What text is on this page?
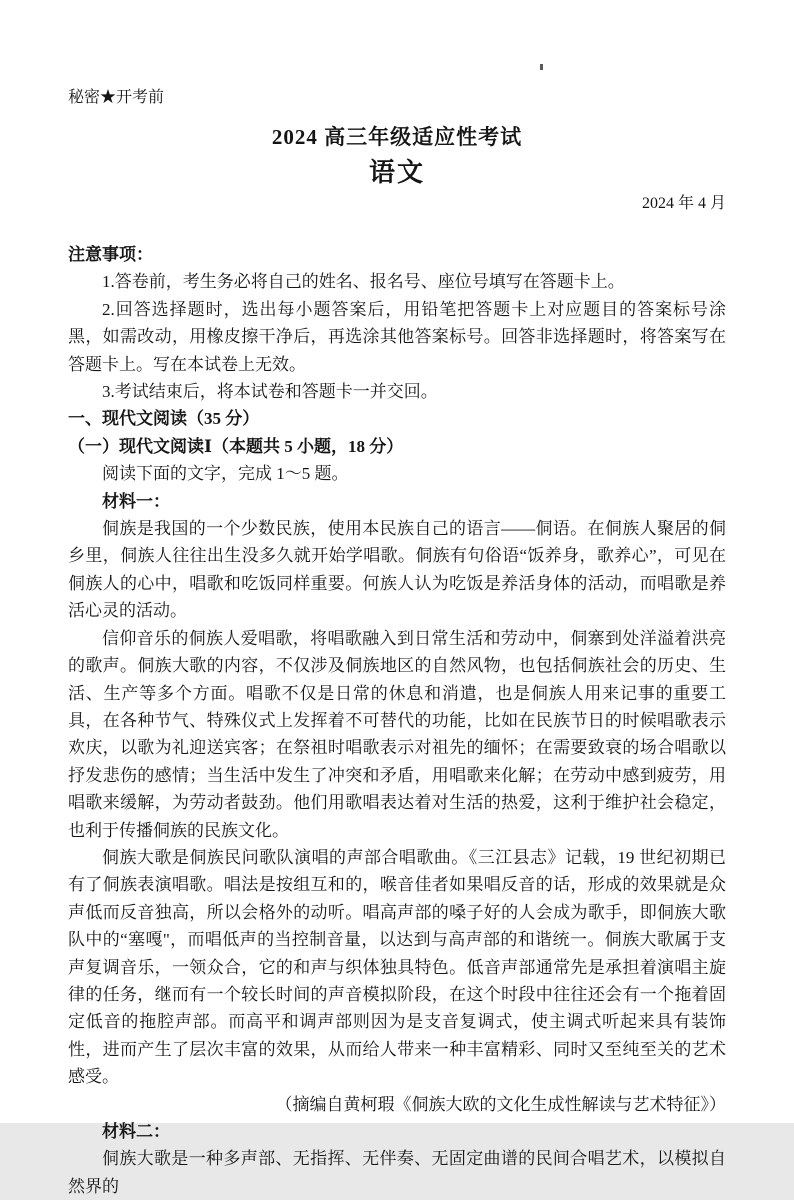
秘密★开考前
2024 高三年级适应性考试
语文
2024 年 4 月

注意事项：

1.答卷前，考生务必将自己的姓名、报名号、座位号填写在答题卡上。

2.回答选择题时，选出每小题答案后，用铅笔把答题卡上对应题目的答案标号涂黑，如需改动，用橡皮擦干净后，再选涂其他答案标号。回答非选择题时，将答案写在答题卡上。写在本试卷上无效。

3.考试结束后，将本试卷和答题卡一并交回。

一、现代文阅读（35 分）

（一）现代文阅读Ⅰ（本题共 5 小题，18 分）

阅读下面的文字，完成 1～5 题。

材料一：

侗族是我国的一个少数民族，使用本民族自己的语言——侗语。在侗族人聚居的侗乡里，侗族人往往出生没多久就开始学唱歌。侗族有句俗语“饭养身，歌养心”，可见在侗族人的心中，唱歌和吃饭同样重要。何族人认为吃饭是养活身体的活动，而唱歌是养活心灵的活动。

信仰音乐的侗族人爱唱歌，将唱歌融入到日常生活和劳动中，侗寨到处洋溢着洪亮的歌声。侗族大歌的内容，不仅涉及侗族地区的自然风物，也包括侗族社会的历史、生活、生产等多个方面。唱歌不仅是日常的休息和消遣，也是侗族人用来记事的重要工具，在各种节气、特殊仪式上发挥着不可替代的功能，比如在民族节日的时候唱歌表示欢庆，以歌为礼迎送宾客；在祭祖时唱歌表示对祖先的缅怀；在需要致衰的场合唱歌以抒发悲伤的感情；当生活中发生了冲突和矛盾，用唱歌来化解；在劳动中感到疲劳，用唱歌来缓解，为劳动者鼓劲。他们用歌唱表达着对生活的热爱，这利于维护社会稳定，也利于传播侗族的民族文化。

侗族大歌是侗族民问歌队演唱的声部合唱歌曲。《三江县志》记载，19 世纪初期已有了侗族表演唱歌。唱法是按组互和的，喉音佳者如果唱反音的话，形成的效果就是众声低而反音独高，所以会格外的动听。唱高声部的嗓子好的人会成为歌手，即侗族大歌队中的“塞嘎"，而唱低声的当控制音量，以达到与高声部的和谐统一。侗族大歌属于支声复调音乐，一领众合，它的和声与织体独具特色。低音声部通常先是承担着演唱主旋律的任务，继而有一个较长时间的声音模拟阶段，在这个时段中往往还会有一个拖着固定低音的拖腔声部。而高平和调声部则因为是支音复调式，使主调式听起来具有装饰性，进而产生了层次丰富的效果，从而给人带来一种丰富精彩、同时又至纯至关的艺术感受。

（摘编自黄柯瑕《侗族大欧的文化生成性解读与艺术特征》）

材料二：

侗族大歌是一种多声部、无指挥、无伴奏、无固定曲谱的民间合唱艺术，以模拟自然界的
